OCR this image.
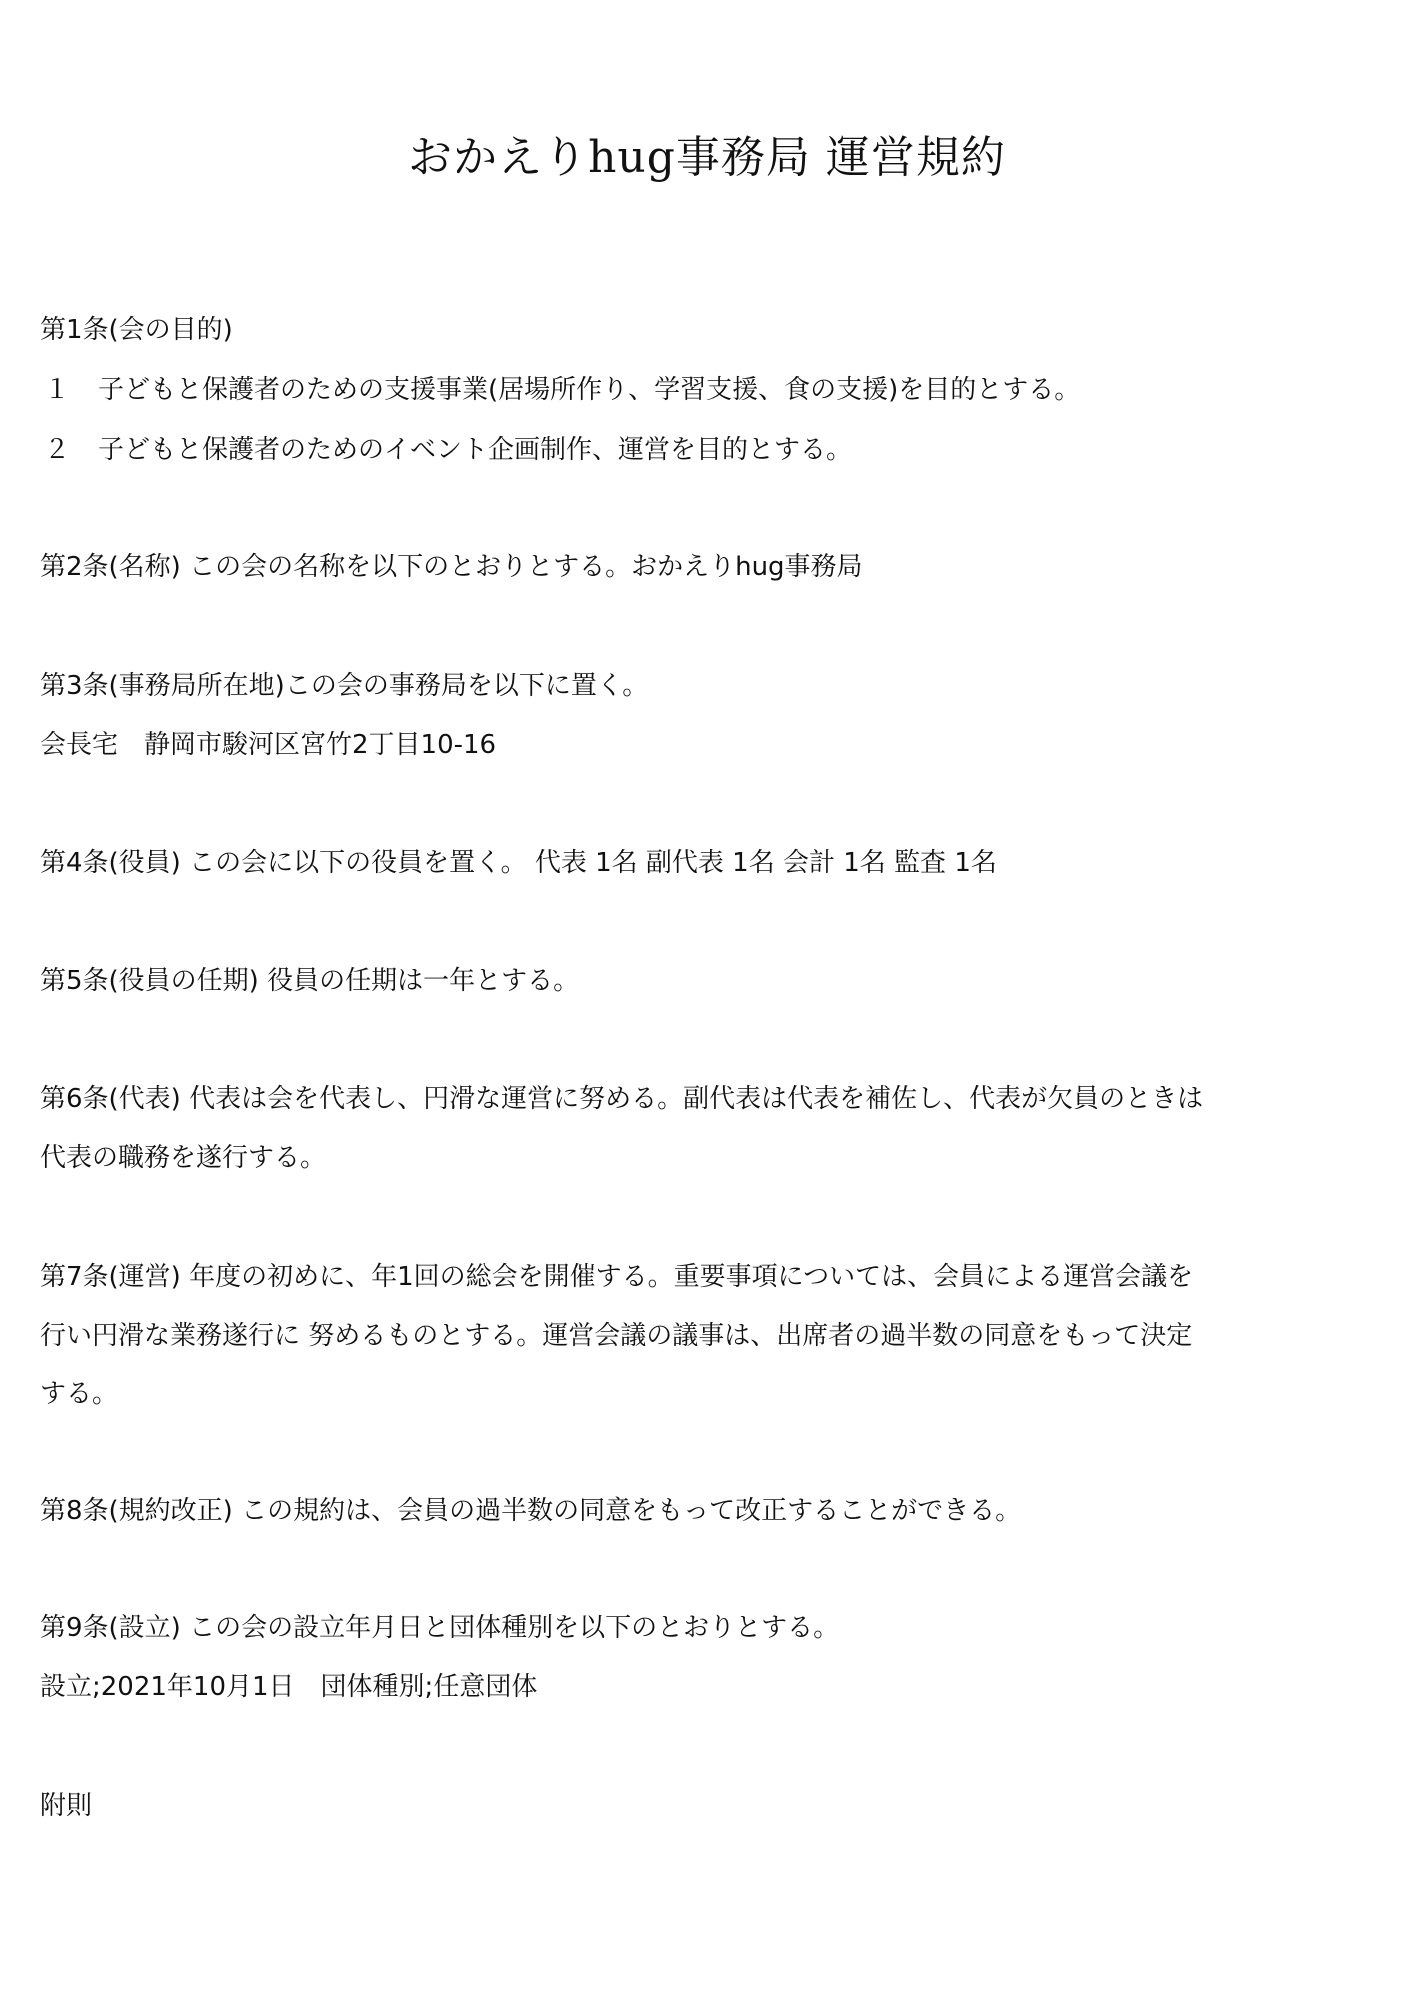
おかえりhug事務局 運営規約
第1条(会の目的)
１ 子どもと保護者のための支援事業(居場所作り、学習支援、食の支援)を目的とする。
２ 子どもと保護者のためのイベント企画制作、運営を目的とする。
第2条(名称) この会の名称を以下のとおりとする。おかえりhug事務局
第3条(事務局所在地)この会の事務局を以下に置く。
会長宅　静岡市駿河区宮竹2丁目10-16
第4条(役員) この会に以下の役員を置く。 代表 1名 副代表 1名 会計 1名 監査 1名
第5条(役員の任期) 役員の任期は一年とする。
第6条(代表) 代表は会を代表し、円滑な運営に努める。副代表は代表を補佐し、代表が欠員のときは
代表の職務を遂行する。
第7条(運営) 年度の初めに、年1回の総会を開催する。重要事項については、会員による運営会議を
行い円滑な業務遂行に 努めるものとする。運営会議の議事は、出席者の過半数の同意をもって決定
する。
第8条(規約改正) この規約は、会員の過半数の同意をもって改正することができる。
第9条(設立) この会の設立年月日と団体種別を以下のとおりとする。
設立;2021年10月1日　団体種別;任意団体
附則
